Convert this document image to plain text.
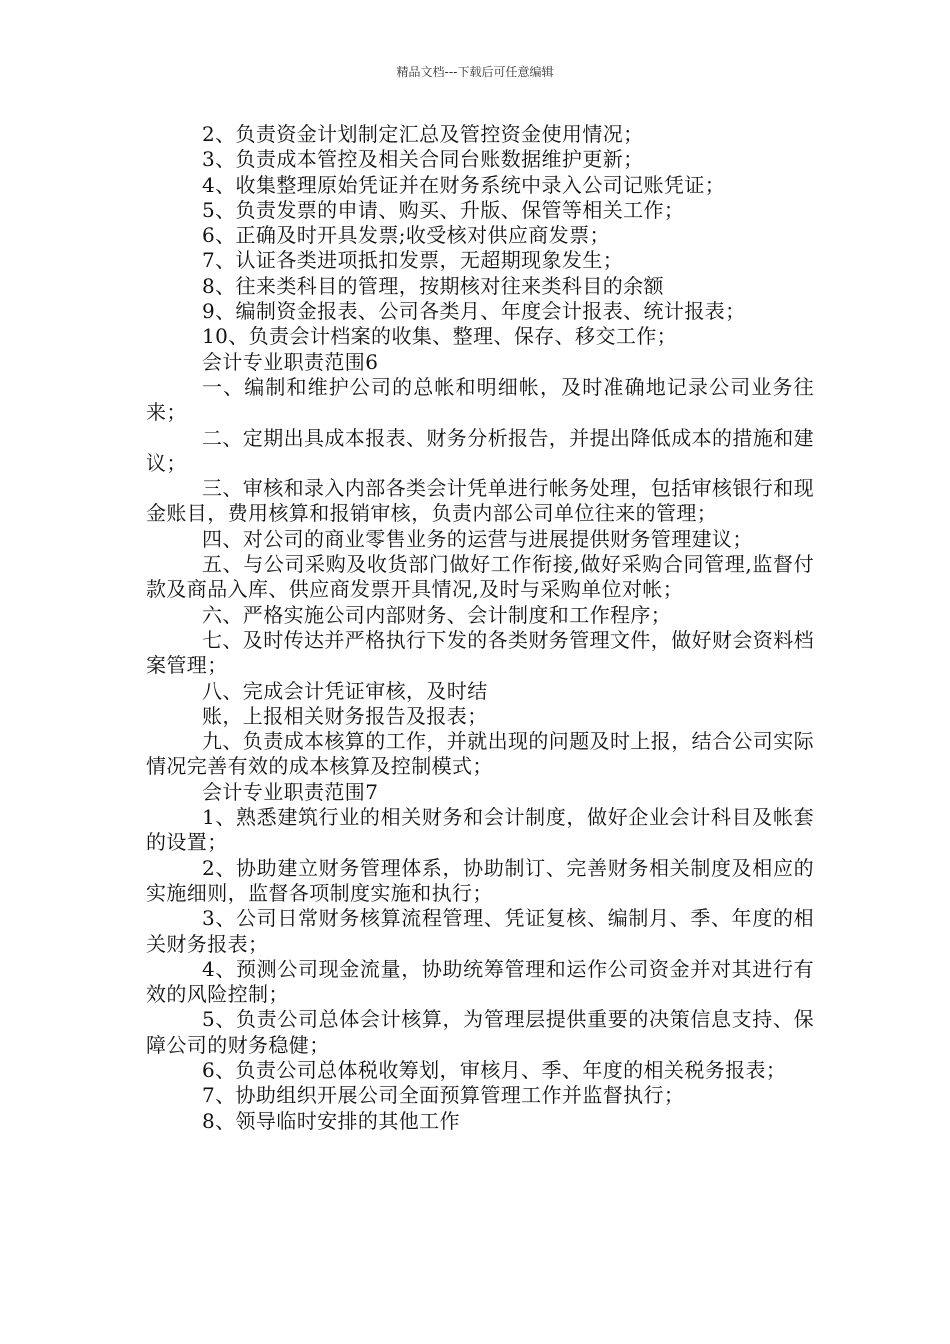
精品文档---下载后可任意编辑

2、负责资金计划制定汇总及管控资金使用情况；

3、负责成本管控及相关合同台账数据维护更新；

4、收集整理原始凭证并在财务系统中录入公司记账凭证；

5、负责发票的申请、购买、升版、保管等相关工作；

6、正确及时开具发票;收受核对供应商发票；

7、认证各类进项抵扣发票，无超期现象发生；

8、往来类科目的管理，按期核对往来类科目的余额

9、编制资金报表、公司各类月、年度会计报表、统计报表；

10、负责会计档案的收集、整理、保存、移交工作；

会计专业职责范围6

一、编制和维护公司的总帐和明细帐，及时准确地记录公司业务往来；

二、定期出具成本报表、财务分析报告，并提出降低成本的措施和建议；

三、审核和录入内部各类会计凭单进行帐务处理，包括审核银行和现金账目，费用核算和报销审核，负责内部公司单位往来的管理；

四、对公司的商业零售业务的运营与进展提供财务管理建议；

五、与公司采购及收货部门做好工作衔接,做好采购合同管理,监督付款及商品入库、供应商发票开具情况,及时与采购单位对帐；

六、严格实施公司内部财务、会计制度和工作程序；

七、及时传达并严格执行下发的各类财务管理文件，做好财会资料档案管理；

八、完成会计凭证审核，及时结

账，上报相关财务报告及报表；

九、负责成本核算的工作，并就出现的问题及时上报，结合公司实际情况完善有效的成本核算及控制模式；

会计专业职责范围7

1、熟悉建筑行业的相关财务和会计制度，做好企业会计科目及帐套的设置；

2、协助建立财务管理体系，协助制订、完善财务相关制度及相应的实施细则，监督各项制度实施和执行；

3、公司日常财务核算流程管理、凭证复核、编制月、季、年度的相关财务报表；

4、预测公司现金流量，协助统筹管理和运作公司资金并对其进行有效的风险控制；

5、负责公司总体会计核算，为管理层提供重要的决策信息支持、保障公司的财务稳健；

6、负责公司总体税收筹划，审核月、季、年度的相关税务报表；

7、协助组织开展公司全面预算管理工作并监督执行；

8、领导临时安排的其他工作
